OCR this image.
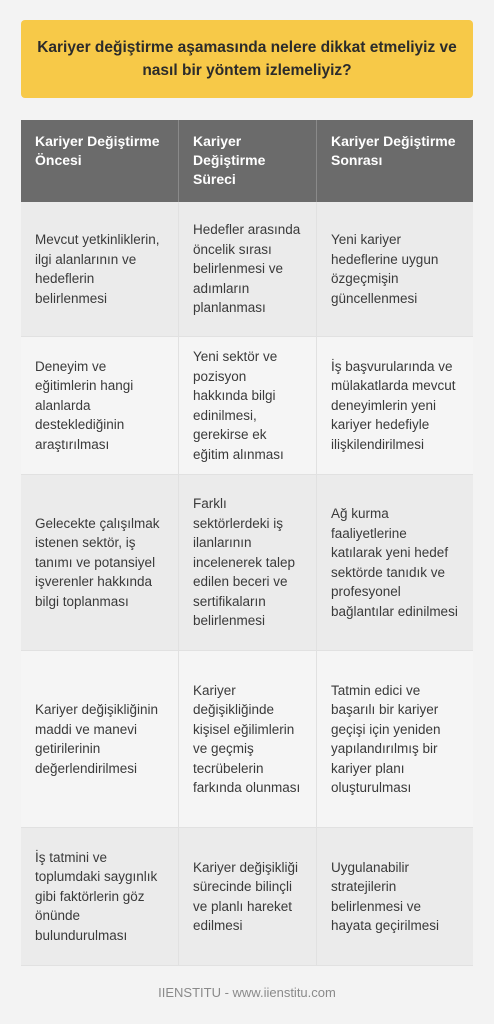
Kariyer değiştirme aşamasında nelere dikkat etmeliyiz ve nasıl bir yöntem izlemeliyiz?
Kariyer Değiştirme Öncesi
Kariyer Değiştirme Süreci
Kariyer Değiştirme Sonrası
Mevcut yetkinliklerin, ilgi alanlarının ve hedeflerin belirlenmesi
Hedefler arasında öncelik sırası belirlenmesi ve adımların planlanması
Yeni kariyer hedeflerine uygun özgeçmişin güncellenmesi
Deneyim ve eğitimlerin hangi alanlarda desteklediğinin araştırılması
Yeni sektör ve pozisyon hakkında bilgi edinilmesi, gerekirse ek eğitim alınması
İş başvurularında ve mülakatlarda mevcut deneyimlerin yeni kariyer hedefiyle ilişkilendirilmesi
Gelecekte çalışılmak istenen sektör, iş tanımı ve potansiyel işverenler hakkında bilgi toplanması
Farklı sektörlerdeki iş ilanlarının incelenerek talep edilen beceri ve sertifikaların belirlenmesi
Ağ kurma faaliyetlerine katılarak yeni hedef sektörde tanıdık ve profesyonel bağlantılar edinilmesi
Kariyer değişikliğinin maddi ve manevi getirilerinin değerlendirilmesi
Kariyer değişikliğinde kişisel eğilimlerin ve geçmiş tecrübelerin farkında olunması
Tatmin edici ve başarılı bir kariyer geçişi için yeniden yapılandırılmış bir kariyer planı oluşturulması
İş tatmini ve toplumdaki saygınlık gibi faktörlerin göz önünde bulundurulması
Kariyer değişikliği sürecinde bilinçli ve planlı hareket edilmesi
Uygulanabilir stratejilerin belirlenmesi ve hayata geçirilmesi
IIENSTITU - www.iienstitu.com
